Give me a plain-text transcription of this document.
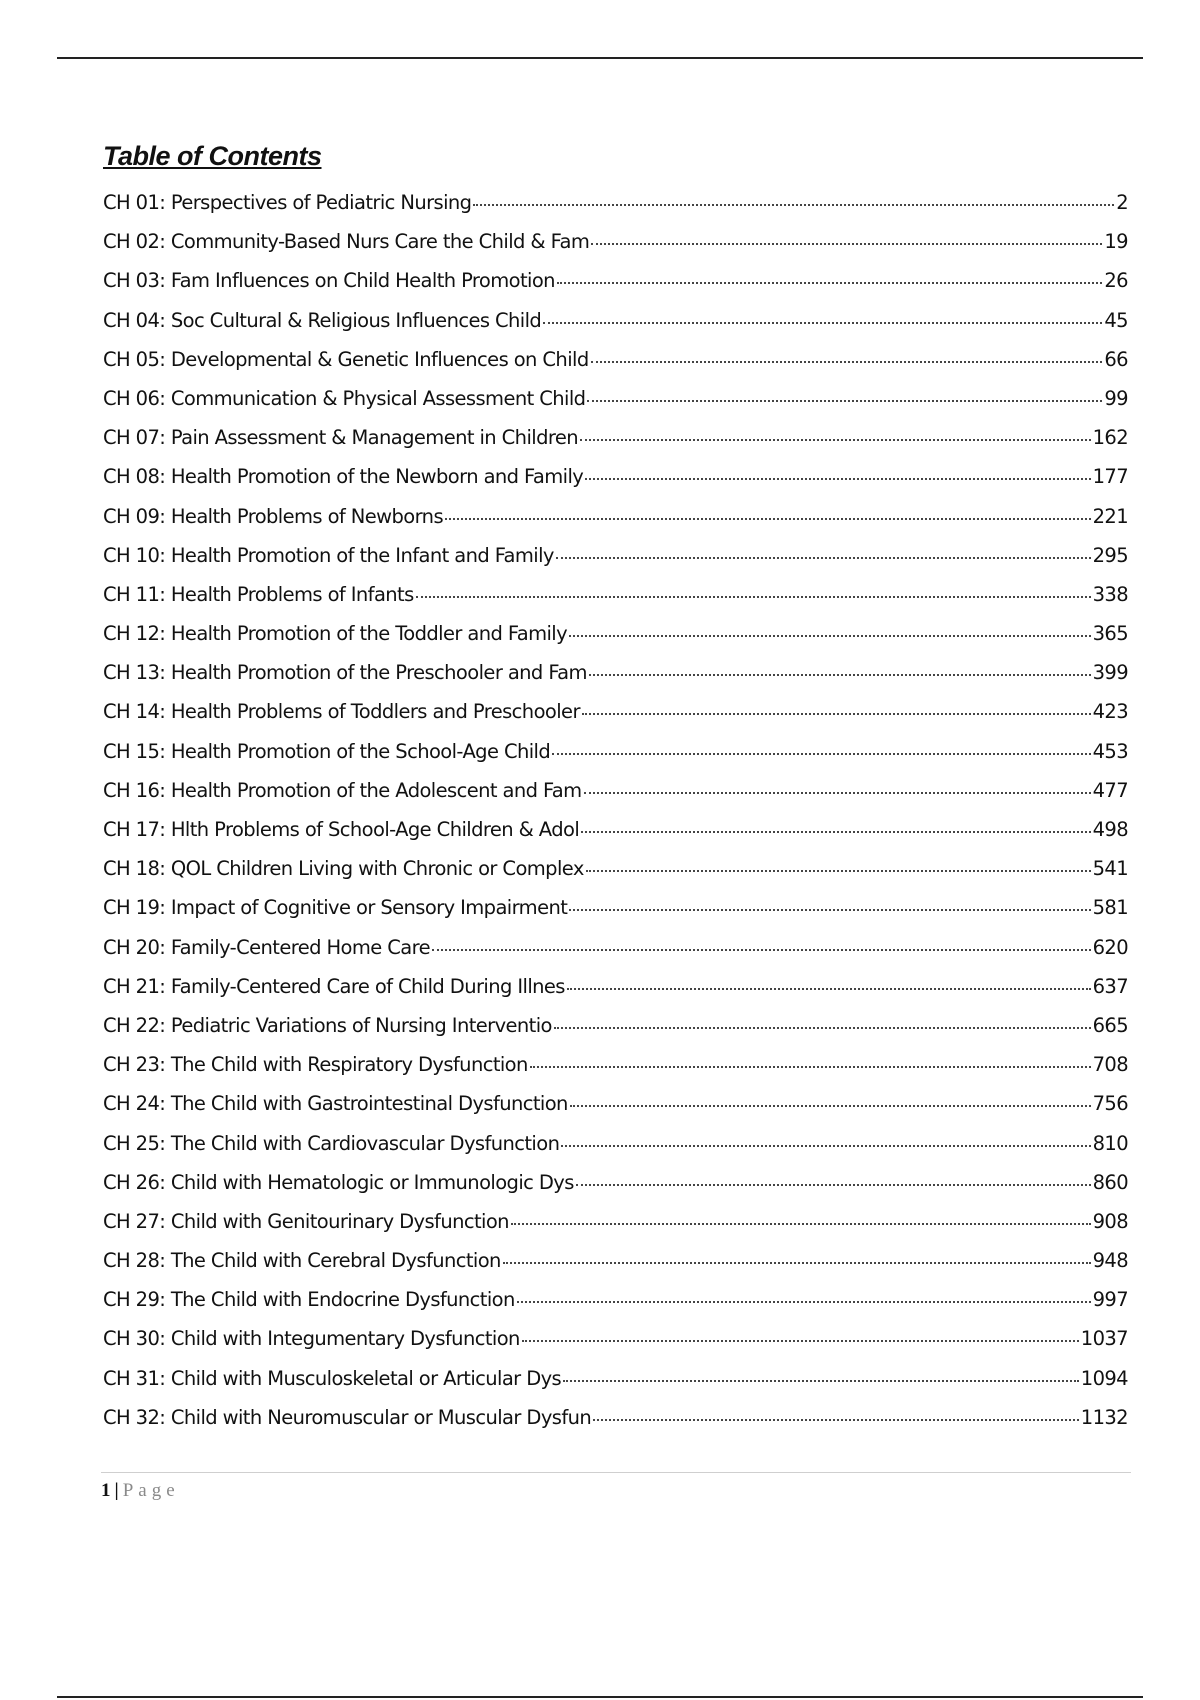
Table of Contents
CH 01: Perspectives of Pediatric Nursing	2
CH 02: Community-Based Nurs Care the Child & Fam	19
CH 03: Fam Influences on Child Health Promotion	26
CH 04: Soc Cultural & Religious Influences Child	45
CH 05: Developmental & Genetic Influences on Child	66
CH 06: Communication & Physical Assessment Child	99
CH 07: Pain Assessment & Management in Children	162
CH 08: Health Promotion of the Newborn and Family	177
CH 09: Health Problems of Newborns	221
CH 10: Health Promotion of the Infant and Family	295
CH 11: Health Problems of Infants	338
CH 12: Health Promotion of the Toddler and Family	365
CH 13: Health Promotion of the Preschooler and Fam	399
CH 14: Health Problems of Toddlers and Preschooler	423
CH 15: Health Promotion of the School-Age Child	453
CH 16: Health Promotion of the Adolescent and Fam	477
CH 17: Hlth Problems of School-Age Children & Adol	498
CH 18: QOL Children Living with Chronic or Complex	541
CH 19: Impact of Cognitive or Sensory Impairment	581
CH 20: Family-Centered Home Care	620
CH 21: Family-Centered Care of Child During Illnes	637
CH 22: Pediatric Variations of Nursing Interventio	665
CH 23: The Child with Respiratory Dysfunction	708
CH 24: The Child with Gastrointestinal Dysfunction	756
CH 25: The Child with Cardiovascular Dysfunction	810
CH 26: Child with Hematologic or Immunologic Dys	860
CH 27: Child with Genitourinary Dysfunction	908
CH 28: The Child with Cerebral Dysfunction	948
CH 29: The Child with Endocrine Dysfunction	997
CH 30: Child with Integumentary Dysfunction	1037
CH 31: Child with Musculoskeletal or Articular Dys	1094
CH 32: Child with Neuromuscular or Muscular Dysfun	1132
1 | Page
